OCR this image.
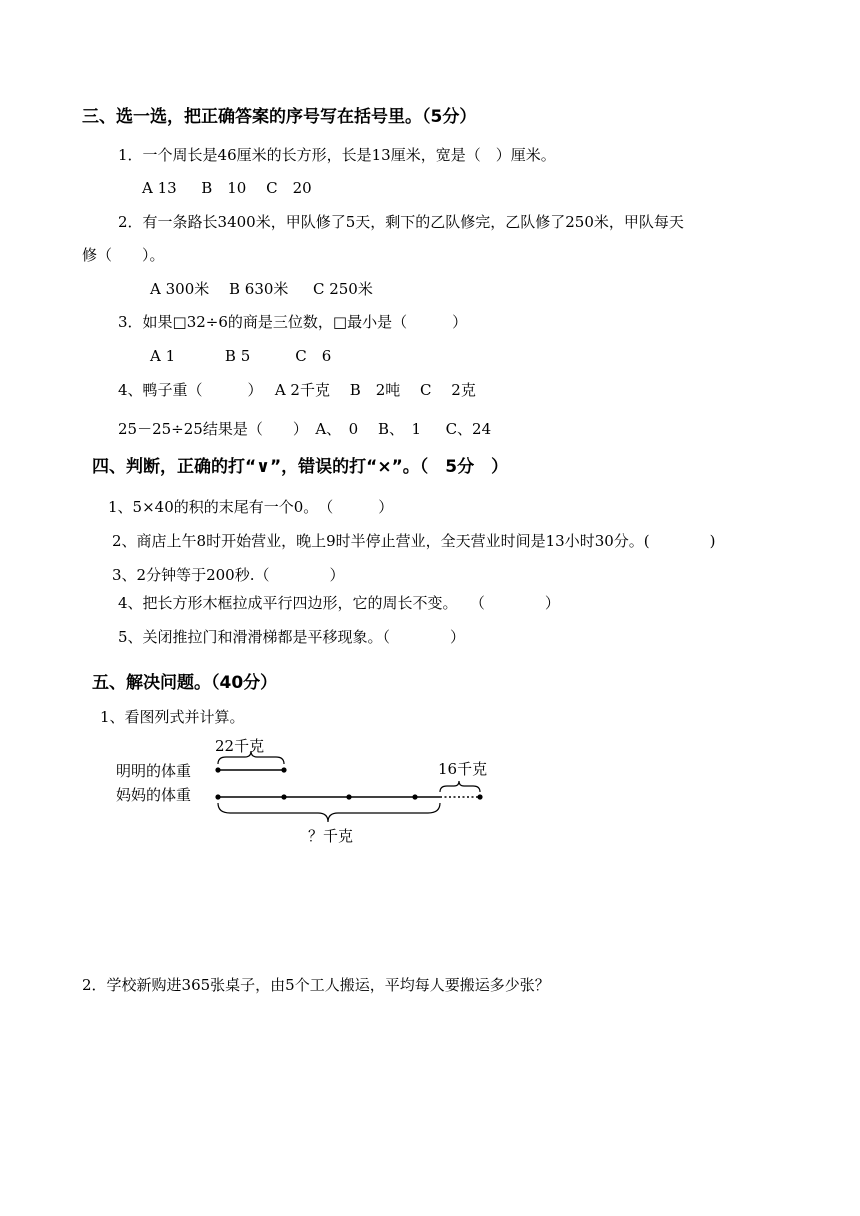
三、选一选，把正确答案的序号写在括号里。（5分）
1．一个周长是46厘米的长方形，长是13厘米，宽是（　）厘米。
A 13　  B　10　 C　20
2．有一条路长3400米，甲队修了5天，剩下的乙队修完，乙队修了250米，甲队每天
修（　　）。
A 300米　 B 630米　  C 250米
3．如果□32÷6的商是三位数，□最小是（　　　）
A 1　　　 B 5　　　C　6
4、鸭子重（　　　）　 A 2千克　 B　2吨　 C　 2克
25－25÷25结果是（　　）　A、　0　 B、　1　  C、24
四、判断，正确的打“∨”，错误的打“×”。（　5分　）
1、5×40的积的末尾有一个0。　（　　　）
2、商店上午8时开始营业，晚上9时半停止营业，全天营业时间是13小时30分。(　　　　)
3、2分钟等于200秒.（　　　　）
4、把长方形木框拉成平行四边形，它的周长不变。　 （　　　　）
5、关闭推拉门和滑滑梯都是平移现象。（　　　　）
五、解决问题。（40分）
1、看图列式并计算。
22千克
16千克
明明的体重
妈妈的体重
？千克
2．学校新购进365张桌子，由5个工人搬运，平均每人要搬运多少张？
